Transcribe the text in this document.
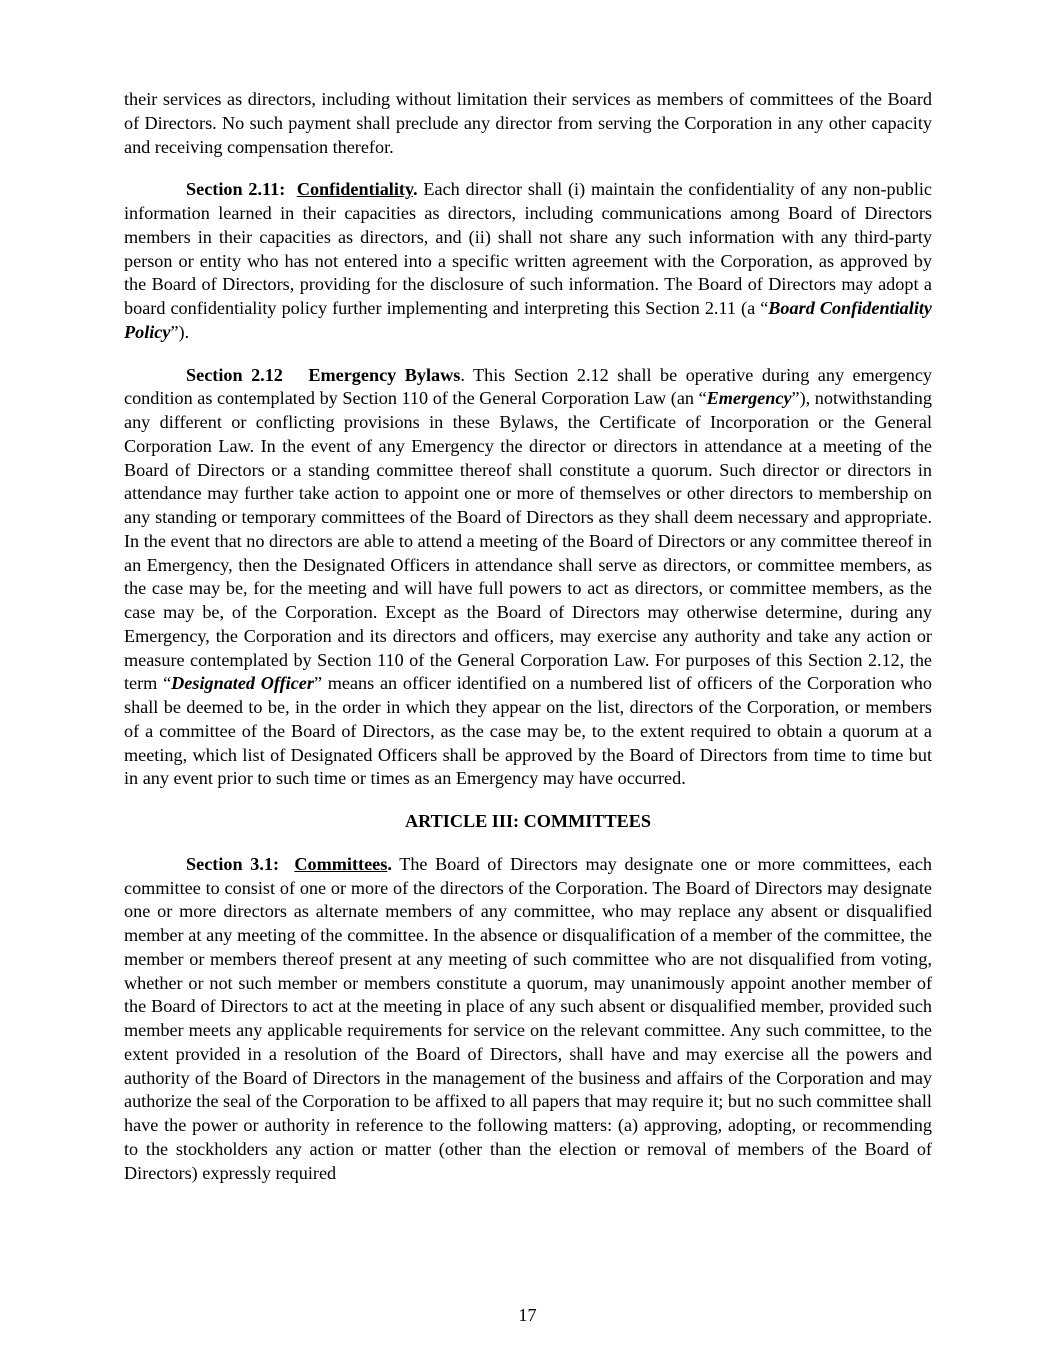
their services as directors, including without limitation their services as members of committees of the Board of Directors. No such payment shall preclude any director from serving the Corporation in any other capacity and receiving compensation therefor.

Section 2.11: Confidentiality. Each director shall (i) maintain the confidentiality of any non-public information learned in their capacities as directors, including communications among Board of Directors members in their capacities as directors, and (ii) shall not share any such information with any third-party person or entity who has not entered into a specific written agreement with the Corporation, as approved by the Board of Directors, providing for the disclosure of such information. The Board of Directors may adopt a board confidentiality policy further implementing and interpreting this Section 2.11 (a “Board Confidentiality Policy”).

Section 2.12 Emergency Bylaws. This Section 2.12 shall be operative during any emergency condition as contemplated by Section 110 of the General Corporation Law (an “Emergency”), notwithstanding any different or conflicting provisions in these Bylaws, the Certificate of Incorporation or the General Corporation Law. In the event of any Emergency the director or directors in attendance at a meeting of the Board of Directors or a standing committee thereof shall constitute a quorum. Such director or directors in attendance may further take action to appoint one or more of themselves or other directors to membership on any standing or temporary committees of the Board of Directors as they shall deem necessary and appropriate. In the event that no directors are able to attend a meeting of the Board of Directors or any committee thereof in an Emergency, then the Designated Officers in attendance shall serve as directors, or committee members, as the case may be, for the meeting and will have full powers to act as directors, or committee members, as the case may be, of the Corporation. Except as the Board of Directors may otherwise determine, during any Emergency, the Corporation and its directors and officers, may exercise any authority and take any action or measure contemplated by Section 110 of the General Corporation Law. For purposes of this Section 2.12, the term “Designated Officer” means an officer identified on a numbered list of officers of the Corporation who shall be deemed to be, in the order in which they appear on the list, directors of the Corporation, or members of a committee of the Board of Directors, as the case may be, to the extent required to obtain a quorum at a meeting, which list of Designated Officers shall be approved by the Board of Directors from time to time but in any event prior to such time or times as an Emergency may have occurred.

ARTICLE III: COMMITTEES

Section 3.1: Committees. The Board of Directors may designate one or more committees, each committee to consist of one or more of the directors of the Corporation. The Board of Directors may designate one or more directors as alternate members of any committee, who may replace any absent or disqualified member at any meeting of the committee. In the absence or disqualification of a member of the committee, the member or members thereof present at any meeting of such committee who are not disqualified from voting, whether or not such member or members constitute a quorum, may unanimously appoint another member of the Board of Directors to act at the meeting in place of any such absent or disqualified member, provided such member meets any applicable requirements for service on the relevant committee. Any such committee, to the extent provided in a resolution of the Board of Directors, shall have and may exercise all the powers and authority of the Board of Directors in the management of the business and affairs of the Corporation and may authorize the seal of the Corporation to be affixed to all papers that may require it; but no such committee shall have the power or authority in reference to the following matters: (a) approving, adopting, or recommending to the stockholders any action or matter (other than the election or removal of members of the Board of Directors) expressly required

17
